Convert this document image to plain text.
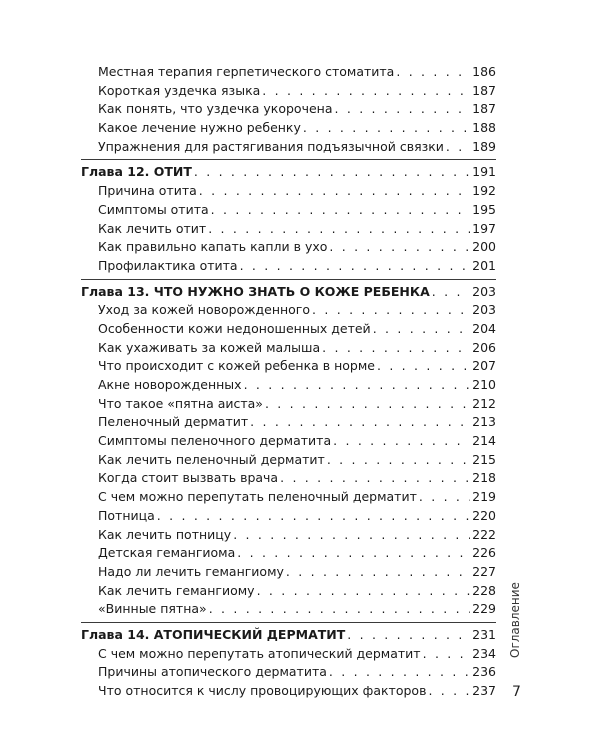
Местная терапия герпетического стоматита . . .	186
Короткая уздечка языка . . .	187
Как понять, что уздечка укорочена . . .	187
Какое лечение нужно ребенку . . .	188
Упражнения для растягивания подъязычной связки . . . 189
Глава 12. ОТИТ . . .	191
Причина отита . . .	192
Симптомы отита . . .	195
Как лечить отит . . .	197
Как правильно капать капли в ухо . . .	200
Профилактика отита . . .	201
Глава 13. ЧТО НУЖНО ЗНАТЬ О КОЖЕ РЕБЕНКА . . .	203
Уход за кожей новорожденного . . .	203
Особенности кожи недоношенных детей . . .	204
Как ухаживать за кожей малыша . . .	206
Что происходит с кожей ребенка в норме . . .	207
Акне новорожденных . . .	210
Что такое «пятна аиста» . . .	212
Пеленочный дерматит . . .	213
Симптомы пеленочного дерматита . . .	214
Как лечить пеленочный дерматит . . .	215
Когда стоит вызвать врача . . .	218
С чем можно перепутать пеленочный дерматит . . .	219
Потница . . .	220
Как лечить потницу . . .	222
Детская гемангиома . . .	226
Надо ли лечить гемангиому . . .	227
Как лечить гемангиому . . .	228
«Винные пятна» . . .	229
Глава 14. АТОПИЧЕСКИЙ ДЕРМАТИТ . . .	231
С чем можно перепутать атопический дерматит . . .	234
Причины атопического дерматита . . .	236
Что относится к числу провоцирующих факторов . . .	237
Оглавление
7
